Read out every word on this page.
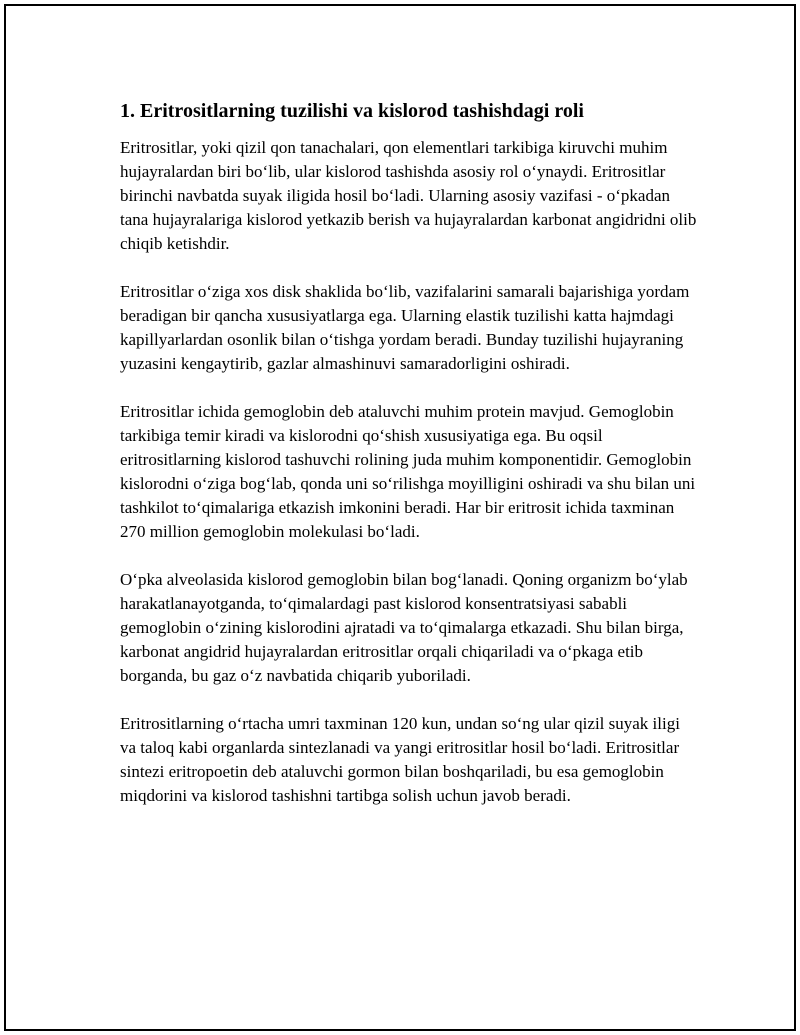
1. Eritrositlarning tuzilishi va kislorod tashishdagi roli

Eritrositlar, yoki qizil qon tanachalari, qon elementlari tarkibiga kiruvchi muhim hujayralardan biri bo‘lib, ular kislorod tashishda asosiy rol o‘ynaydi. Eritrositlar birinchi navbatda suyak iligida hosil bo‘ladi. Ularning asosiy vazifasi - o‘pkadan tana hujayralariga kislorod yetkazib berish va hujayralardan karbonat angidridni olib chiqib ketishdir.

Eritrositlar o‘ziga xos disk shaklida bo‘lib, vazifalarini samarali bajarishiga yordam beradigan bir qancha xususiyatlarga ega. Ularning elastik tuzilishi katta hajmdagi kapillyarlardan osonlik bilan o‘tishga yordam beradi. Bunday tuzilishi hujayraning yuzasini kengaytirib, gazlar almashinuvi samaradorligini oshiradi.

Eritrositlar ichida gemoglobin deb ataluvchi muhim protein mavjud. Gemoglobin tarkibiga temir kiradi va kislorodni qo‘shish xususiyatiga ega. Bu oqsil eritrositlarning kislorod tashuvchi rolining juda muhim komponentidir. Gemoglobin kislorodni o‘ziga bog‘lab, qonda uni so‘rilishga moyilligini oshiradi va shu bilan uni tashkilot to‘qimalariga etkazish imkonini beradi. Har bir eritrosit ichida taxminan 270 million gemoglobin molekulasi bo‘ladi.

O‘pka alveolasida kislorod gemoglobin bilan bog‘lanadi. Qoning organizm bo‘ylab harakatlanayotganda, to‘qimalardagi past kislorod konsentratsiyasi sababli gemoglobin o‘zining kislorodini ajratadi va to‘qimalarga etkazadi. Shu bilan birga, karbonat angidrid hujayralardan eritrositlar orqali chiqariladi va o‘pkaga etib borganda, bu gaz o‘z navbatida chiqarib yuboriladi.

Eritrositlarning o‘rtacha umri taxminan 120 kun, undan so‘ng ular qizil suyak iligi va taloq kabi organlarda sintezlanadi va yangi eritrositlar hosil bo‘ladi. Eritrositlar sintezi eritropoetin deb ataluvchi gormon bilan boshqariladi, bu esa gemoglobin miqdorini va kislorod tashishni tartibga solish uchun javob beradi.
